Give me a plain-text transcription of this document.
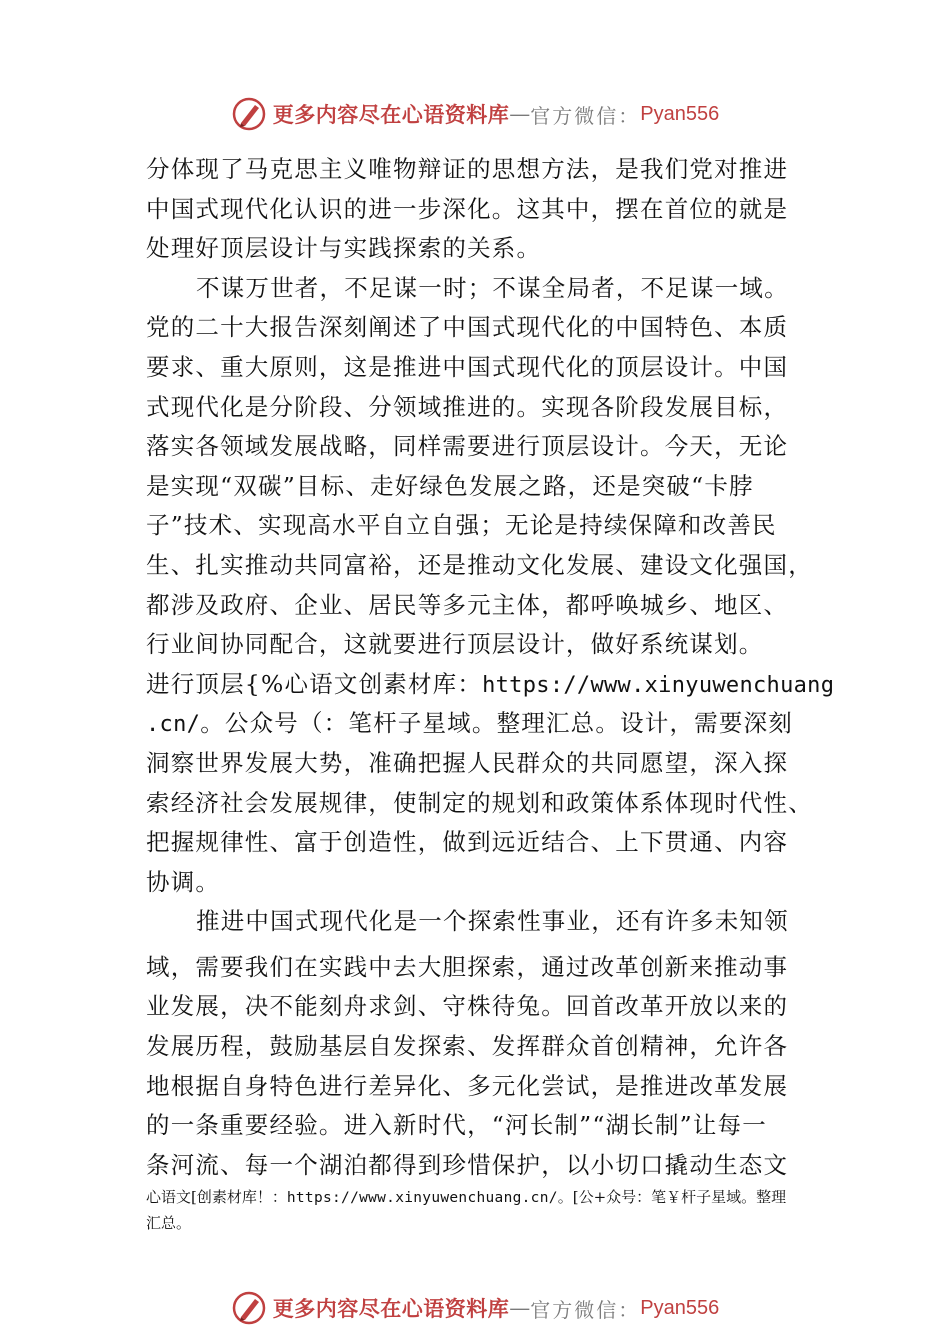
更多内容尽在心语资料库 — 官方微信： Pyan556
分体现了马克思主义唯物辩证的思想方法，是我们党对推进
中国式现代化认识的进一步深化。这其中，摆在首位的就是
处理好顶层设计与实践探索的关系。
不谋万世者，不足谋一时；不谋全局者，不足谋一域。
党的二十大报告深刻阐述了中国式现代化的中国特色、本质
要求、重大原则，这是推进中国式现代化的顶层设计。中国
式现代化是分阶段、分领域推进的。实现各阶段发展目标，
落实各领域发展战略，同样需要进行顶层设计。今天，无论
是实现“双碳”目标、走好绿色发展之路，还是突破“卡脖
子”技术、实现高水平自立自强；无论是持续保障和改善民
生、扎实推动共同富裕，还是推动文化发展、建设文化强国，
都涉及政府、企业、居民等多元主体，都呼唤城乡、地区、
行业间协同配合，这就要进行顶层设计，做好系统谋划。
进行顶层{%心语文创素材库：https://www.xinyuwenchuang
.cn/。公众号（：笔杆子星域。整理汇总。设计，需要深刻
洞察世界发展大势，准确把握人民群众的共同愿望，深入探
索经济社会发展规律，使制定的规划和政策体系体现时代性、
把握规律性、富于创造性，做到远近结合、上下贯通、内容
协调。
推进中国式现代化是一个探索性事业，还有许多未知领
域，需要我们在实践中去大胆探索，通过改革创新来推动事
业发展，决不能刻舟求剑、守株待兔。回首改革开放以来的
发展历程，鼓励基层自发探索、发挥群众首创精神，允许各
地根据自身特色进行差异化、多元化尝试，是推进改革发展
的一条重要经验。进入新时代，“河长制”“湖长制”让每一
条河流、每一个湖泊都得到珍惜保护，以小切口撬动生态文
心语文[创素材库！：https://www.xinyuwenchuang.cn/。[公+众号：笔￥杆子星域。整理
汇总。
更多内容尽在心语资料库 — 官方微信： Pyan556
